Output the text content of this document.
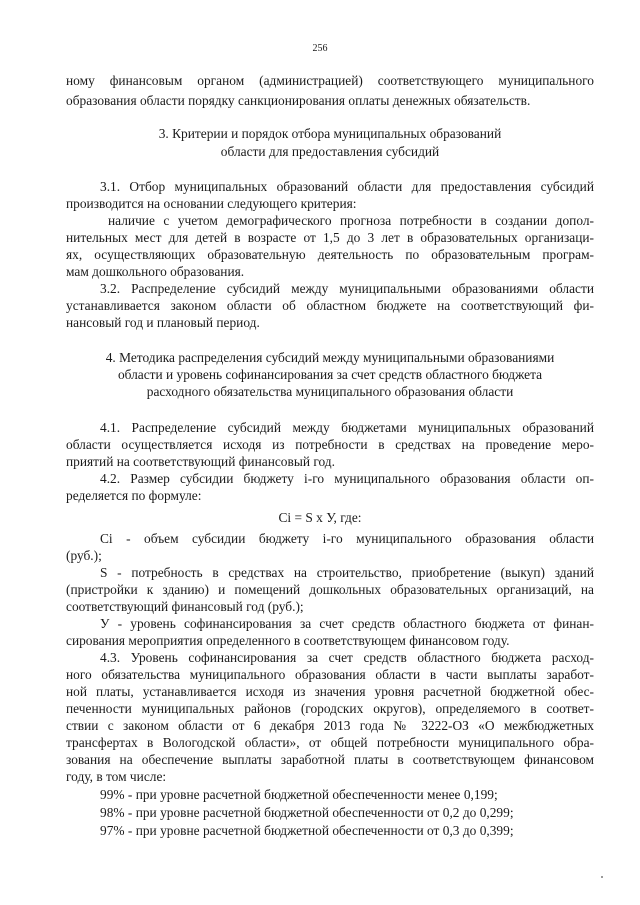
256
ному финансовым органом (администрацией) соответствующего муниципального
образования области порядку санкционирования оплаты денежных обязательств.
3. Критерии и порядок отбора муниципальных образований
области для предоставления субсидий
3.1. Отбор муниципальных образований области для предоставления субсидий
производится на основании следующего критерия:
наличие с учетом демографического прогноза потребности в создании допол-
нительных мест для детей в возрасте от 1,5 до 3 лет в образовательных организаци-
ях, осуществляющих образовательную деятельность по образовательным програм-
мам дошкольного образования.
3.2. Распределение субсидий между муниципальными образованиями области
устанавливается законом области об областном бюджете на соответствующий фи-
нансовый год и плановый период.
4. Методика распределения субсидий между муниципальными образованиями
области и уровень софинансирования за счет средств областного бюджета
расходного обязательства муниципального образования области
4.1. Распределение субсидий между бюджетами муниципальных образований
области осуществляется исходя из потребности в средствах на проведение меро-
приятий на соответствующий финансовый год.
4.2. Размер субсидии бюджету i-го муниципального образования области оп-
ределяется по формуле:
Ci = S x У, где:
Ci - объем субсидии бюджету i-го муниципального образования области
(руб.);
S - потребность в средствах на строительство, приобретение (выкуп) зданий
(пристройки к зданию) и помещений дошкольных образовательных организаций, на
соответствующий финансовый год (руб.);
У - уровень софинансирования за счет средств областного бюджета от финан-
сирования мероприятия определенного в соответствующем финансовом году.
4.3. Уровень софинансирования за счет средств областного бюджета расход-
ного обязательства муниципального образования области в части выплаты заработ-
ной платы, устанавливается исходя из значения уровня расчетной бюджетной обес-
печенности муниципальных районов (городских округов), определяемого в соответ-
ствии с законом области от 6 декабря 2013 года № 3222-ОЗ «О межбюджетных
трансфертах в Вологодской области», от общей потребности муниципального обра-
зования на обеспечение выплаты заработной платы в соответствующем финансовом
году, в том числе:
99% - при уровне расчетной бюджетной обеспеченности менее 0,199;
98% - при уровне расчетной бюджетной обеспеченности от 0,2 до 0,299;
97% - при уровне расчетной бюджетной обеспеченности от 0,3 до 0,399;
